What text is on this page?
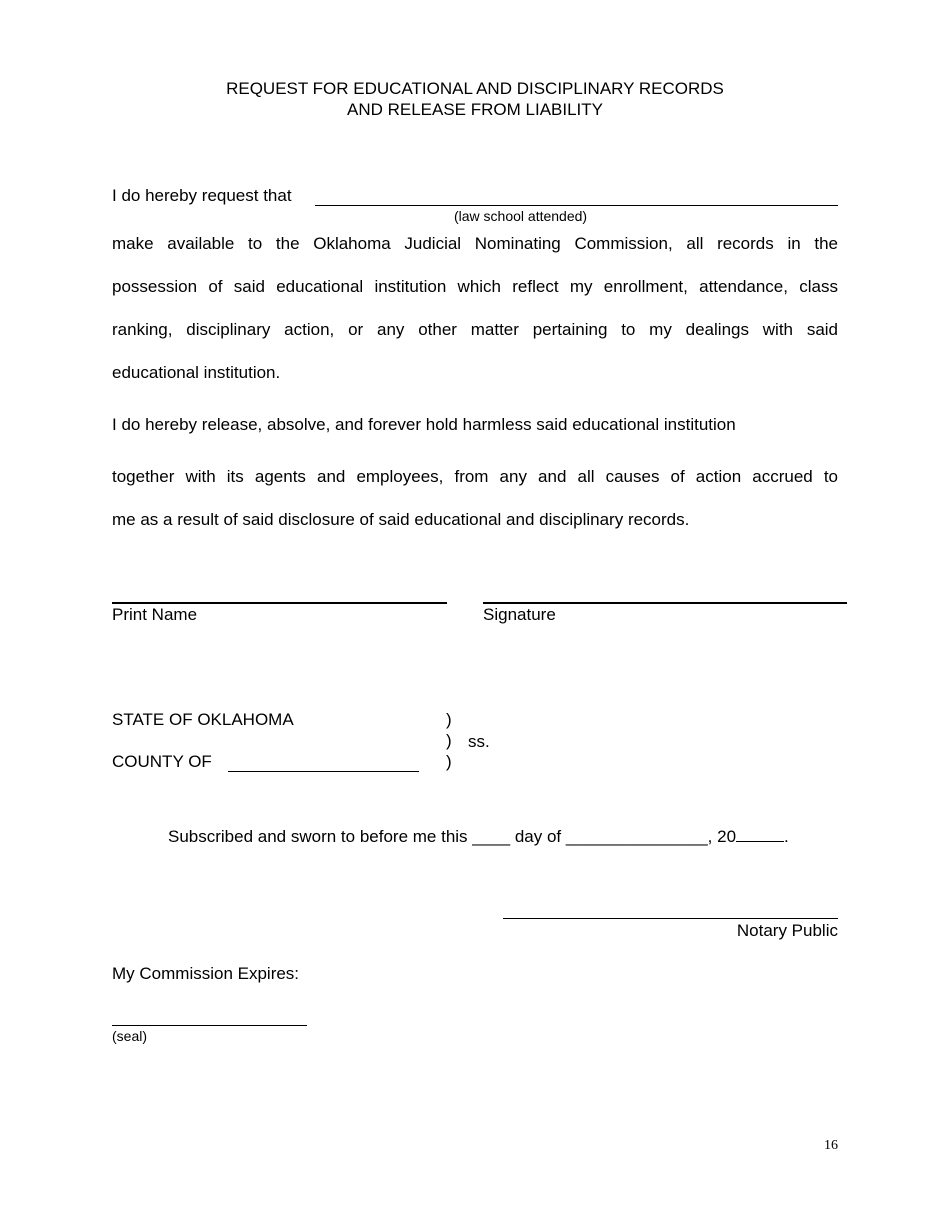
REQUEST FOR EDUCATIONAL AND DISCIPLINARY RECORDS
AND RELEASE FROM LIABILITY
I do hereby request that
(law school attended)
make available to the Oklahoma Judicial Nominating Commission, all records in the
possession of said educational institution which reflect my enrollment, attendance, class
ranking, disciplinary action, or any other matter pertaining to my dealings with said
educational institution.
I do hereby release, absolve, and forever hold harmless said educational institution
together with its agents and employees, from any and all causes of action accrued to
me as a result of said disclosure of said educational and disciplinary records.
Print Name	Signature
STATE OF OKLAHOMA	)
) ss.
)
COUNTY OF
Subscribed and sworn to before me this ____ day of _______________, 20	.
Notary Public
My Commission Expires:
(seal)
16
